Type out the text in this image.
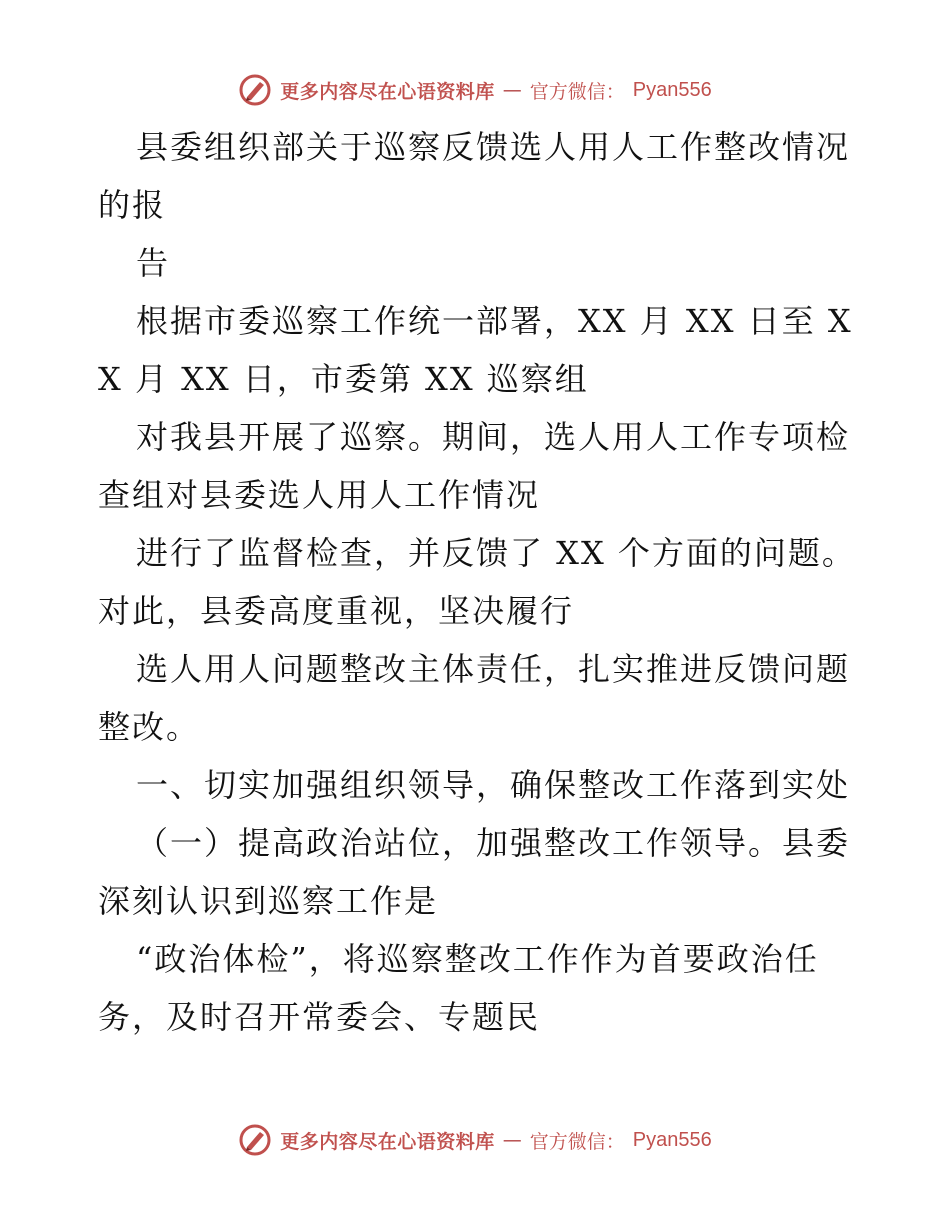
更多内容尽在心语资料库 — 官方微信： Pyan556

县委组织部关于巡察反馈选人用人工作整改情况的报

告

根据市委巡察工作统一部署，XX 月 XX 日至 XX 月 XX 日，市委第 XX 巡察组

对我县开展了巡察。期间，选人用人工作专项检查组对县委选人用人工作情况

进行了监督检查，并反馈了 XX 个方面的问题。对此，县委高度重视，坚决履行

选人用人问题整改主体责任，扎实推进反馈问题整改。

一、切实加强组织领导，确保整改工作落到实处

（一）提高政治站位，加强整改工作领导。县委深刻认识到巡察工作是

“政治体检”，将巡察整改工作作为首要政治任务，及时召开常委会、专题民

更多内容尽在心语资料库 — 官方微信： Pyan556
